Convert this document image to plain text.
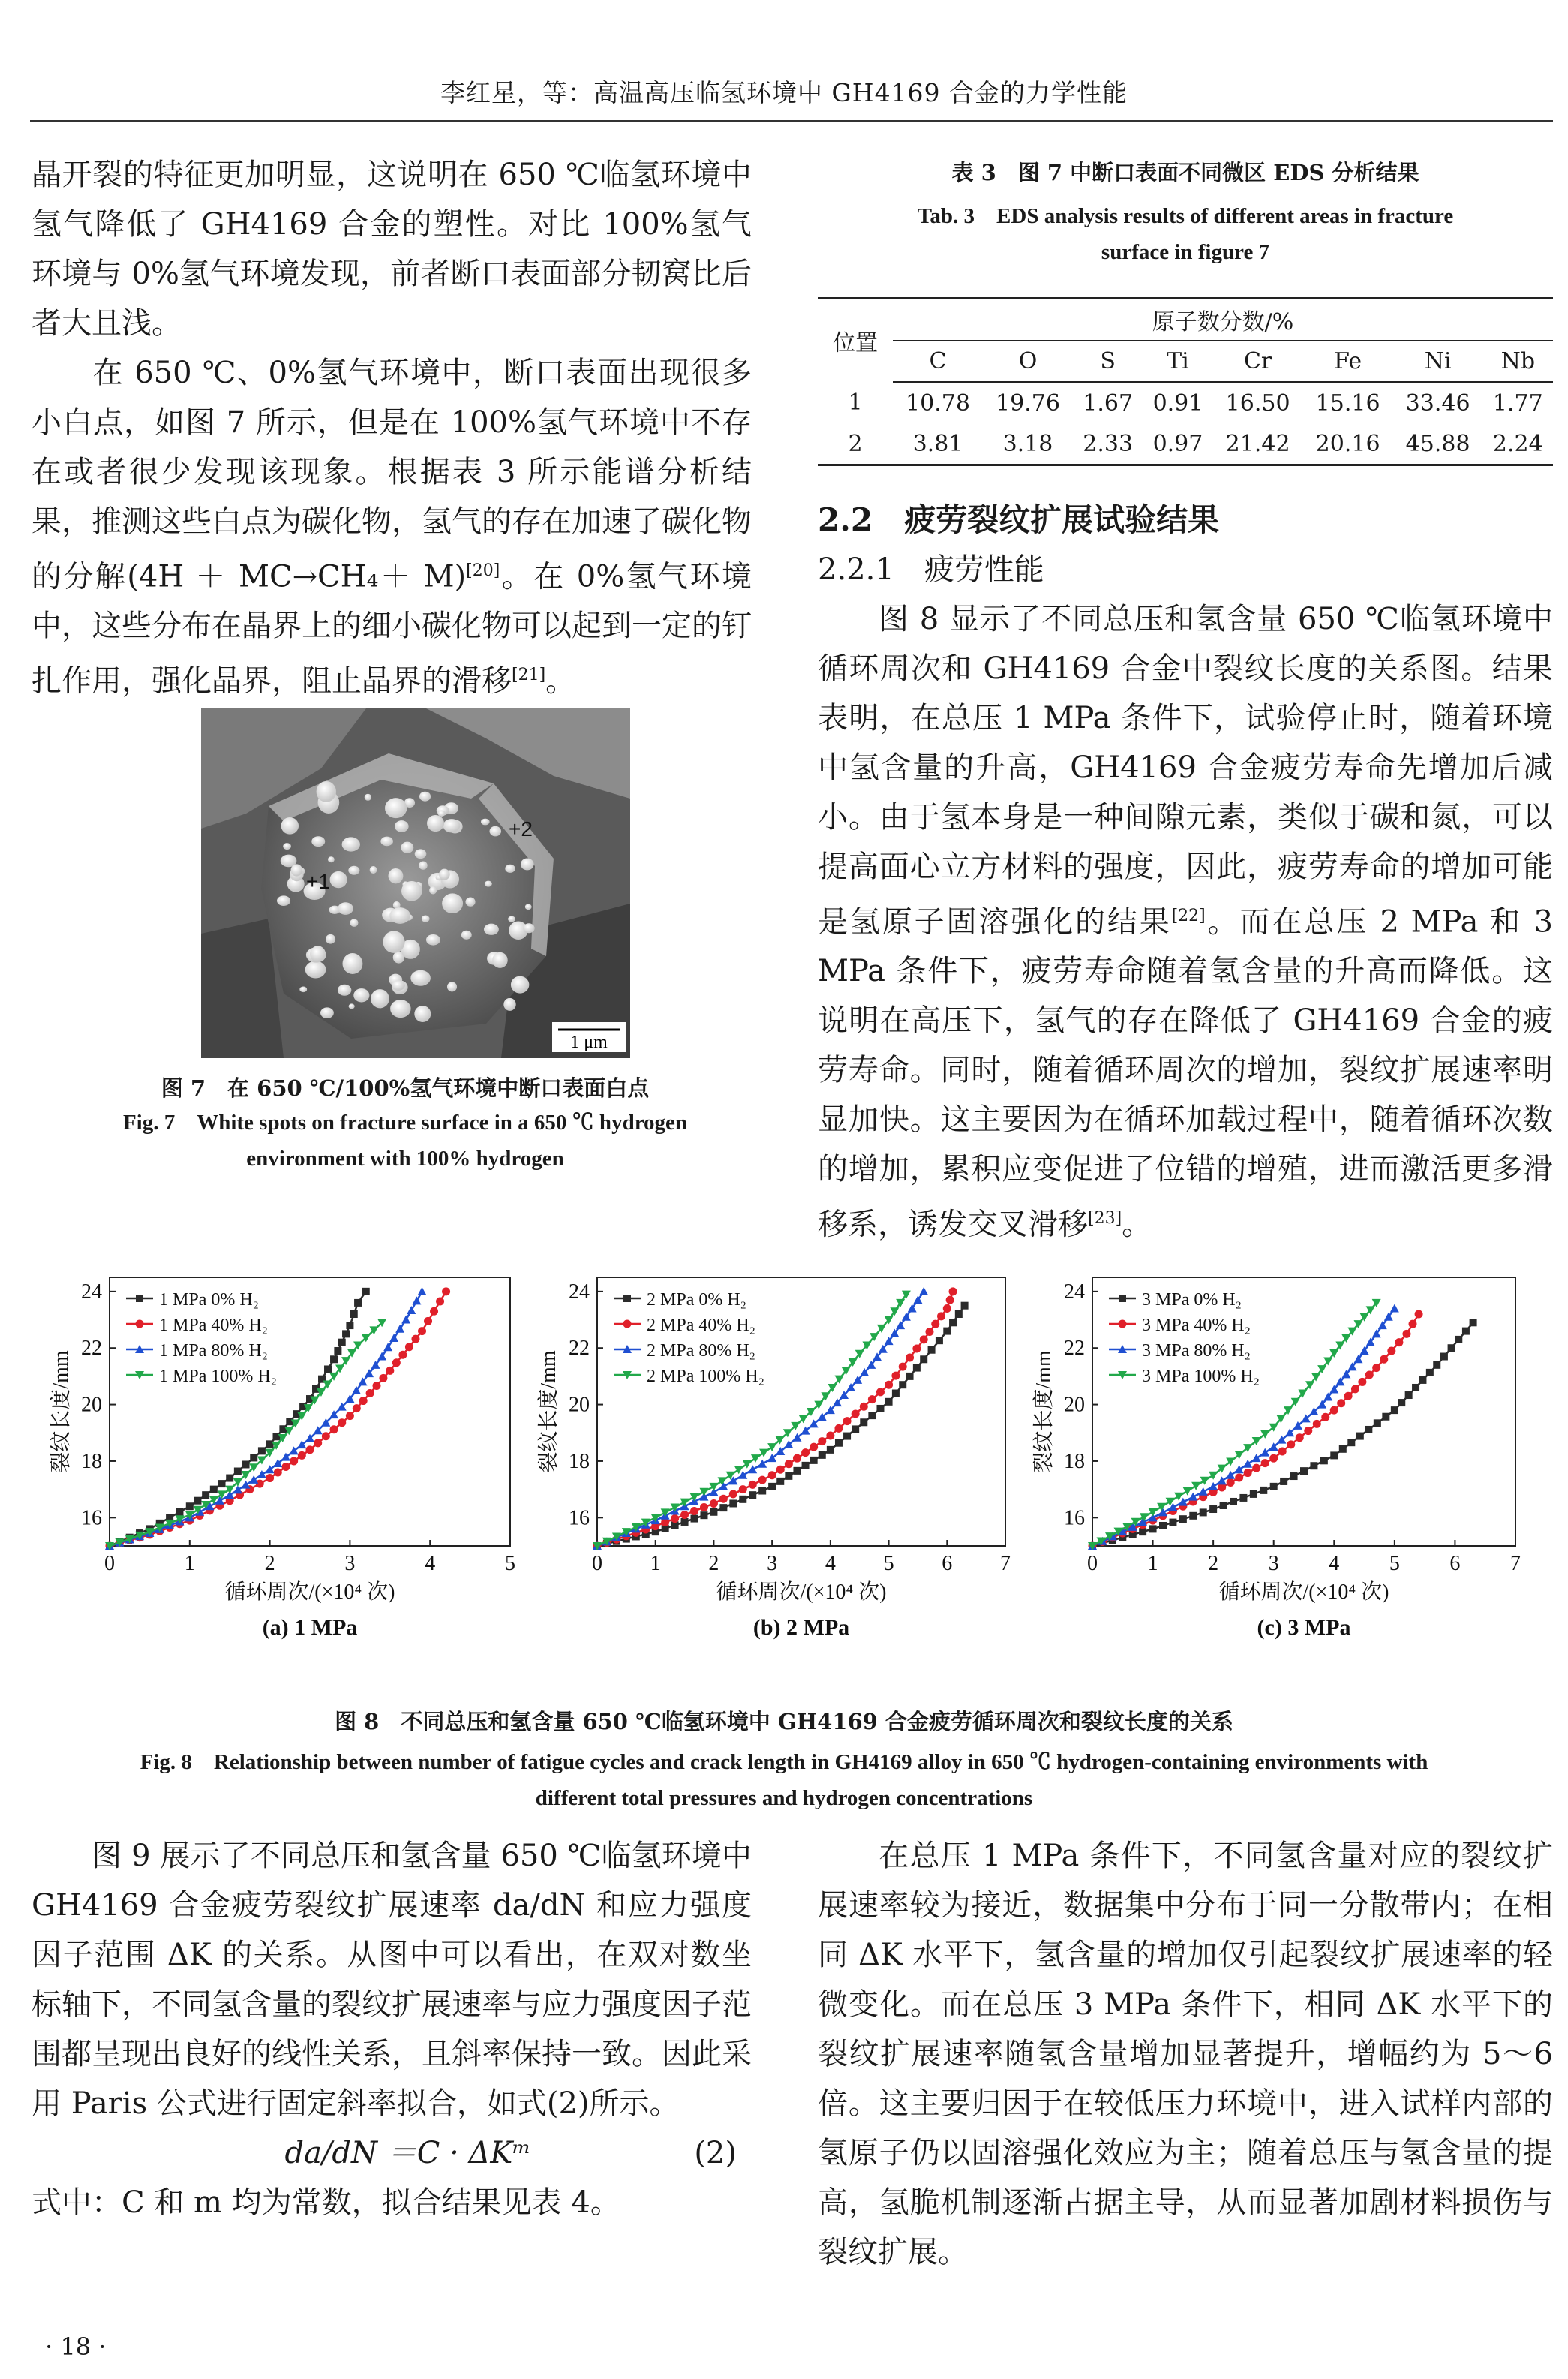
李红星，等：高温高压临氢环境中 GH4169 合金的力学性能

晶开裂的特征更加明显，这说明在 650 ℃临氢环境中氢气降低了 GH4169 合金的塑性。对比 100%氢气环境与 0%氢气环境发现，前者断口表面部分韧窝比后者大且浅。

在 650 ℃、0%氢气环境中，断口表面出现很多小白点，如图 7 所示，但是在 100%氢气环境中不存在或者很少发现该现象。根据表 3 所示能谱分析结果，推测这些白点为碳化物，氢气的存在加速了碳化物的分解(4H ＋ MC→CH₄＋ M)[20]。在 0%氢气环境中，这些分布在晶界上的细小碳化物可以起到一定的钉扎作用，强化晶界，阻止晶界的滑移[21]。

+1
+2
1 μm

图 7　在 650 ℃/100%氢气环境中断口表面白点

Fig. 7　White spots on fracture surface in a 650 ℃ hydrogen

environment with 100% hydrogen

表 3　图 7 中断口表面不同微区 EDS 分析结果

Tab. 3　EDS analysis results of different areas in fracture

surface in figure 7

位置	原子数分数/%							
	C	O	S	Ti	Cr	Fe	Ni	Nb
1	10.78	19.76	1.67	0.91	16.50	15.16	33.46	1.77
2	3.81	3.18	2.33	0.97	21.42	20.16	45.88	2.24

2.2　疲劳裂纹扩展试验结果

2.2.1　疲劳性能

图 8 显示了不同总压和氢含量 650 ℃临氢环境中循环周次和 GH4169 合金中裂纹长度的关系图。结果表明，在总压 1 MPa 条件下，试验停止时，随着环境中氢含量的升高，GH4169 合金疲劳寿命先增加后减小。由于氢本身是一种间隙元素，类似于碳和氮，可以提高面心立方材料的强度，因此，疲劳寿命的增加可能是氢原子固溶强化的结果[22]。而在总压 2 MPa 和 3 MPa 条件下，疲劳寿命随着氢含量的升高而降低。这说明在高压下，氢气的存在降低了 GH4169 合金的疲劳寿命。同时，随着循环周次的增加，裂纹扩展速率明显加快。这主要因为在循环加载过程中，随着循环次数的增加，累积应变促进了位错的增殖，进而激活更多滑移系，诱发交叉滑移[23]。

0	1	2	3	4	5
16
18
20
22
24
循环周次/(×10⁴ 次)
裂纹长度/mm
(a) 1 MPa
1 MPa 0% H₂
1 MPa 40% H₂
1 MPa 80% H₂
1 MPa 100% H₂
0 1 2 3 4 5 6 7
16
18
20
22
24
循环周次/(×10⁴ 次)
裂纹长度/mm
(b) 2 MPa
2 MPa 0% H₂
2 MPa 40% H₂
2 MPa 80% H₂
2 MPa 100% H₂
0 1 2 3 4 5 6 7
16
18
20
22
24
循环周次/(×10⁴ 次)
裂纹长度/mm
(c) 3 MPa
3 MPa 0% H₂
3 MPa 40% H₂
3 MPa 80% H₂
3 MPa 100% H₂

图 8　不同总压和氢含量 650 ℃临氢环境中 GH4169 合金疲劳循环周次和裂纹长度的关系

Fig. 8　Relationship between number of fatigue cycles and crack length in GH4169 alloy in 650 ℃ hydrogen-containing environments with

different total pressures and hydrogen concentrations

图 9 展示了不同总压和氢含量 650 ℃临氢环境中 GH4169 合金疲劳裂纹扩展速率 da/dN 和应力强度因子范围 ΔK 的关系。从图中可以看出，在双对数坐标轴下，不同氢含量的裂纹扩展速率与应力强度因子范围都呈现出良好的线性关系，且斜率保持一致。因此采用 Paris 公式进行固定斜率拟合，如式(2)所示。

da/dN ＝C · ΔKᵐ	(2)

式中：C 和 m 均为常数，拟合结果见表 4。

在总压 1 MPa 条件下，不同氢含量对应的裂纹扩展速率较为接近，数据集中分布于同一分散带内；在相同 ΔK 水平下，氢含量的增加仅引起裂纹扩展速率的轻微变化。而在总压 3 MPa 条件下，相同 ΔK 水平下的裂纹扩展速率随氢含量增加显著提升，增幅约为 5～6 倍。这主要归因于在较低压力环境中，进入试样内部的氢原子仍以固溶强化效应为主；随着总压与氢含量的提高，氢脆机制逐渐占据主导，从而显著加剧材料损伤与裂纹扩展。

· 18 ·
